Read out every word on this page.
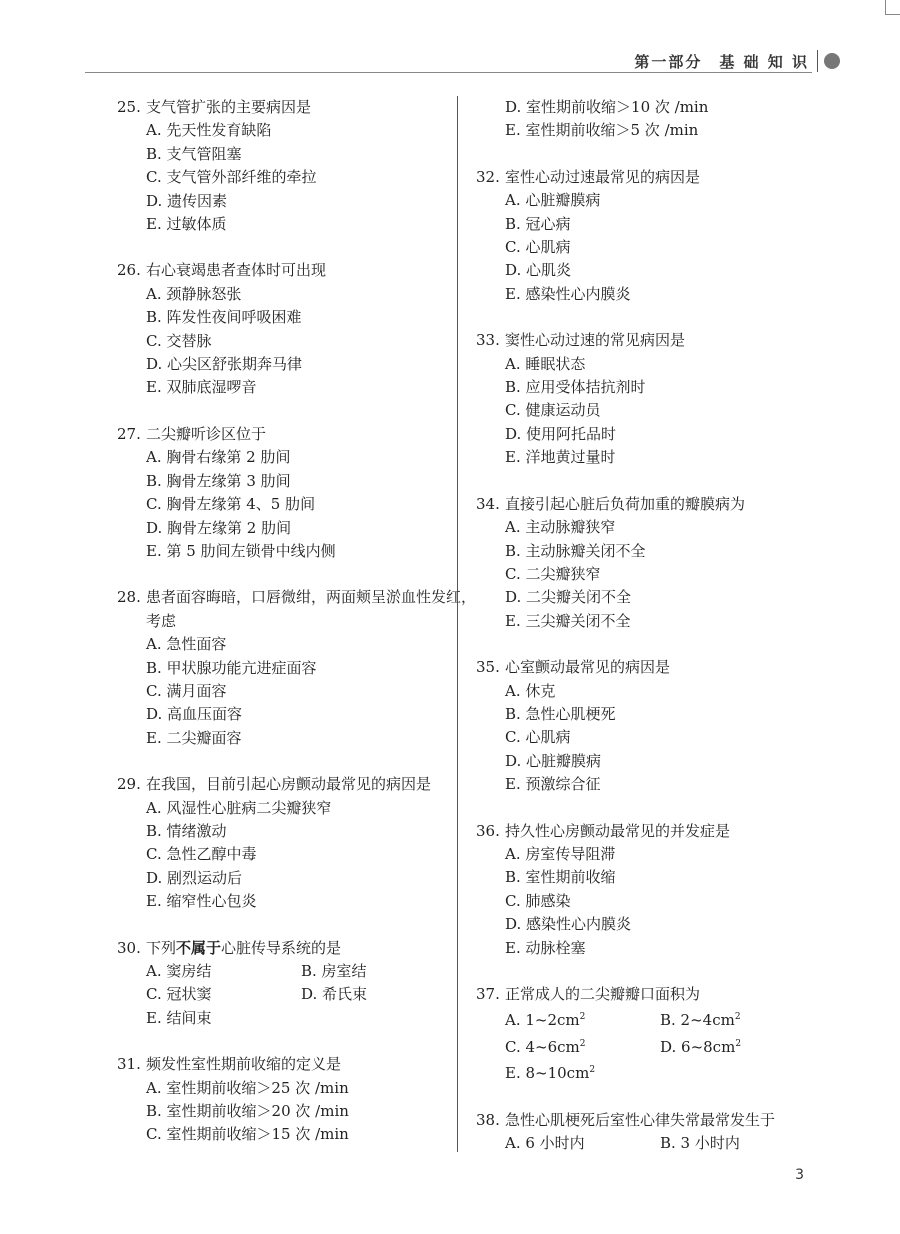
第一部分　基 础 知 识
25. 支气管扩张的主要病因是
A. 先天性发育缺陷
B. 支气管阻塞
C. 支气管外部纤维的牵拉
D. 遗传因素
E. 过敏体质
26. 右心衰竭患者查体时可出现
A. 颈静脉怒张
B. 阵发性夜间呼吸困难
C. 交替脉
D. 心尖区舒张期奔马律
E. 双肺底湿啰音
27. 二尖瓣听诊区位于
A. 胸骨右缘第 2 肋间
B. 胸骨左缘第 3 肋间
C. 胸骨左缘第 4、5 肋间
D. 胸骨左缘第 2 肋间
E. 第 5 肋间左锁骨中线内侧
28. 患者面容晦暗，口唇微绀，两面颊呈淤血性发红，考虑
A. 急性面容
B. 甲状腺功能亢进症面容
C. 满月面容
D. 高血压面容
E. 二尖瓣面容
29. 在我国，目前引起心房颤动最常见的病因是
A. 风湿性心脏病二尖瓣狭窄
B. 情绪激动
C. 急性乙醇中毒
D. 剧烈运动后
E. 缩窄性心包炎
30. 下列不属于心脏传导系统的是
A. 窦房结	B. 房室结
C. 冠状窦	D. 希氏束
E. 结间束
31. 频发性室性期前收缩的定义是
A. 室性期前收缩＞25 次 /min
B. 室性期前收缩＞20 次 /min
C. 室性期前收缩＞15 次 /min
D. 室性期前收缩＞10 次 /min
E. 室性期前收缩＞5 次 /min
32. 室性心动过速最常见的病因是
A. 心脏瓣膜病
B. 冠心病
C. 心肌病
D. 心肌炎
E. 感染性心内膜炎
33. 窦性心动过速的常见病因是
A. 睡眠状态
B. 应用受体拮抗剂时
C. 健康运动员
D. 使用阿托品时
E. 洋地黄过量时
34. 直接引起心脏后负荷加重的瓣膜病为
A. 主动脉瓣狭窄
B. 主动脉瓣关闭不全
C. 二尖瓣狭窄
D. 二尖瓣关闭不全
E. 三尖瓣关闭不全
35. 心室颤动最常见的病因是
A. 休克
B. 急性心肌梗死
C. 心肌病
D. 心脏瓣膜病
E. 预激综合征
36. 持久性心房颤动最常见的并发症是
A. 房室传导阻滞
B. 室性期前收缩
C. 肺感染
D. 感染性心内膜炎
E. 动脉栓塞
37. 正常成人的二尖瓣瓣口面积为
A. $1\sim 2cm^2$	B. $2\sim 4cm^2$
C. $4\sim 6cm^2$	D. $6\sim 8cm^2$
E. $8\sim 10cm^2$
38. 急性心肌梗死后室性心律失常最常发生于
A. 6 小时内	B. 3 小时内
3
